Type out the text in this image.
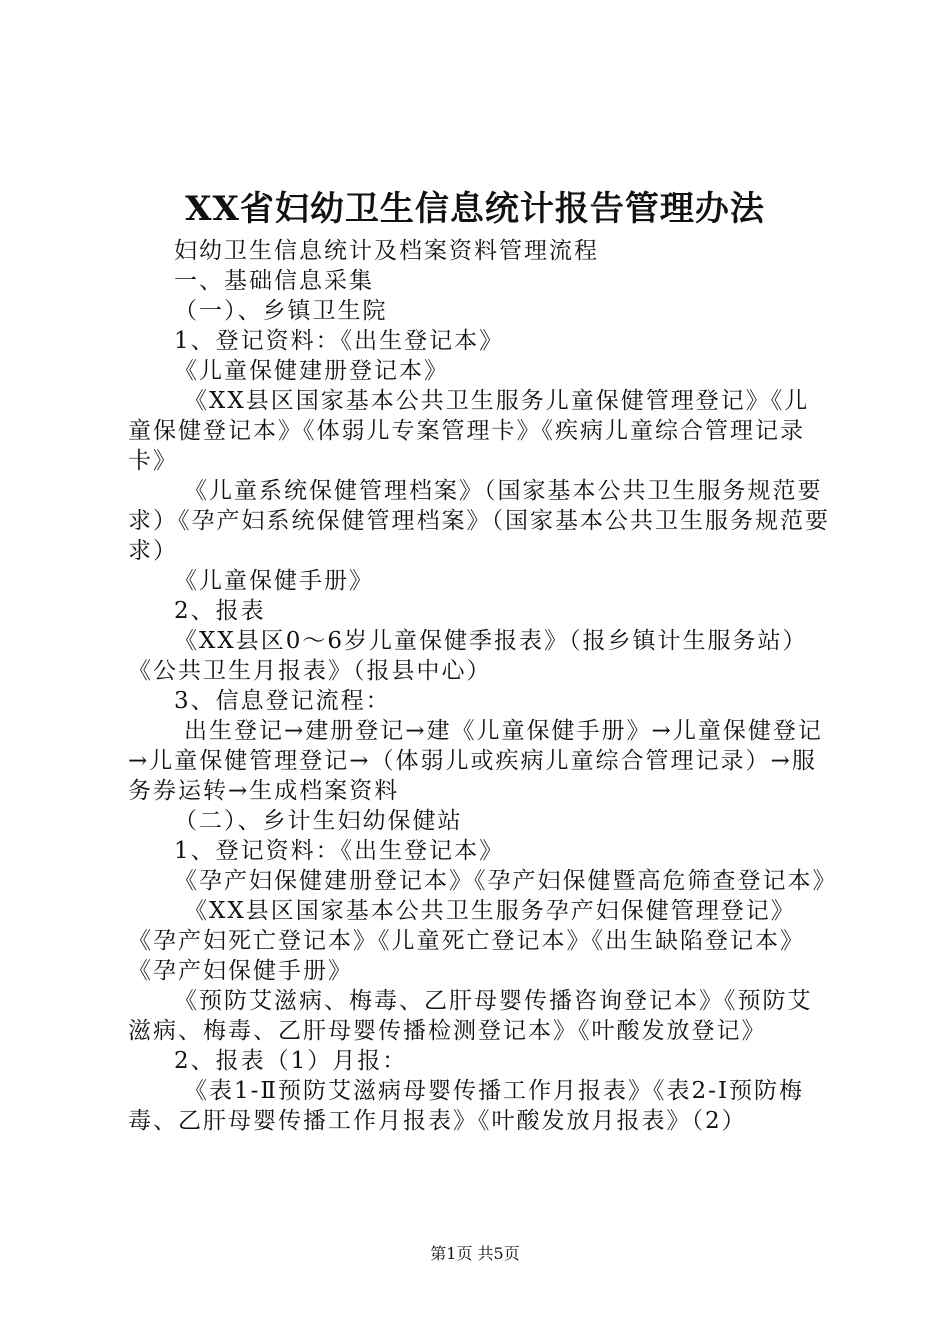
XX省妇幼卫生信息统计报告管理办法

妇幼卫生信息统计及档案资料管理流程

一、基础信息采集

（一）、乡镇卫生院

1、登记资料：《出生登记本》

《儿童保健建册登记本》

《XX县区国家基本公共卫生服务儿童保健管理登记》《儿童保健登记本》《体弱儿专案管理卡》《疾病儿童综合管理记录卡》

《儿童系统保健管理档案》（国家基本公共卫生服务规范要求）《孕产妇系统保健管理档案》（国家基本公共卫生服务规范要求）

《儿童保健手册》

2、报表

《XX县区0～6岁儿童保健季报表》（报乡镇计生服务站）《公共卫生月报表》（报县中心）

3、信息登记流程：

出生登记→建册登记→建《儿童保健手册》→儿童保健登记→儿童保健管理登记→（体弱儿或疾病儿童综合管理记录）→服务券运转→生成档案资料

（二）、乡计生妇幼保健站

1、登记资料：《出生登记本》

《孕产妇保健建册登记本》《孕产妇保健暨高危筛查登记本》

《XX县区国家基本公共卫生服务孕产妇保健管理登记》《孕产妇死亡登记本》《儿童死亡登记本》《出生缺陷登记本》《孕产妇保健手册》

《预防艾滋病、梅毒、乙肝母婴传播咨询登记本》《预防艾滋病、梅毒、乙肝母婴传播检测登记本》《叶酸发放登记》

2、报表（1）月报：

《表1-Ⅱ预防艾滋病母婴传播工作月报表》《表2-Ⅰ预防梅毒、乙肝母婴传播工作月报表》《叶酸发放月报表》（2）

第1页 共5页
